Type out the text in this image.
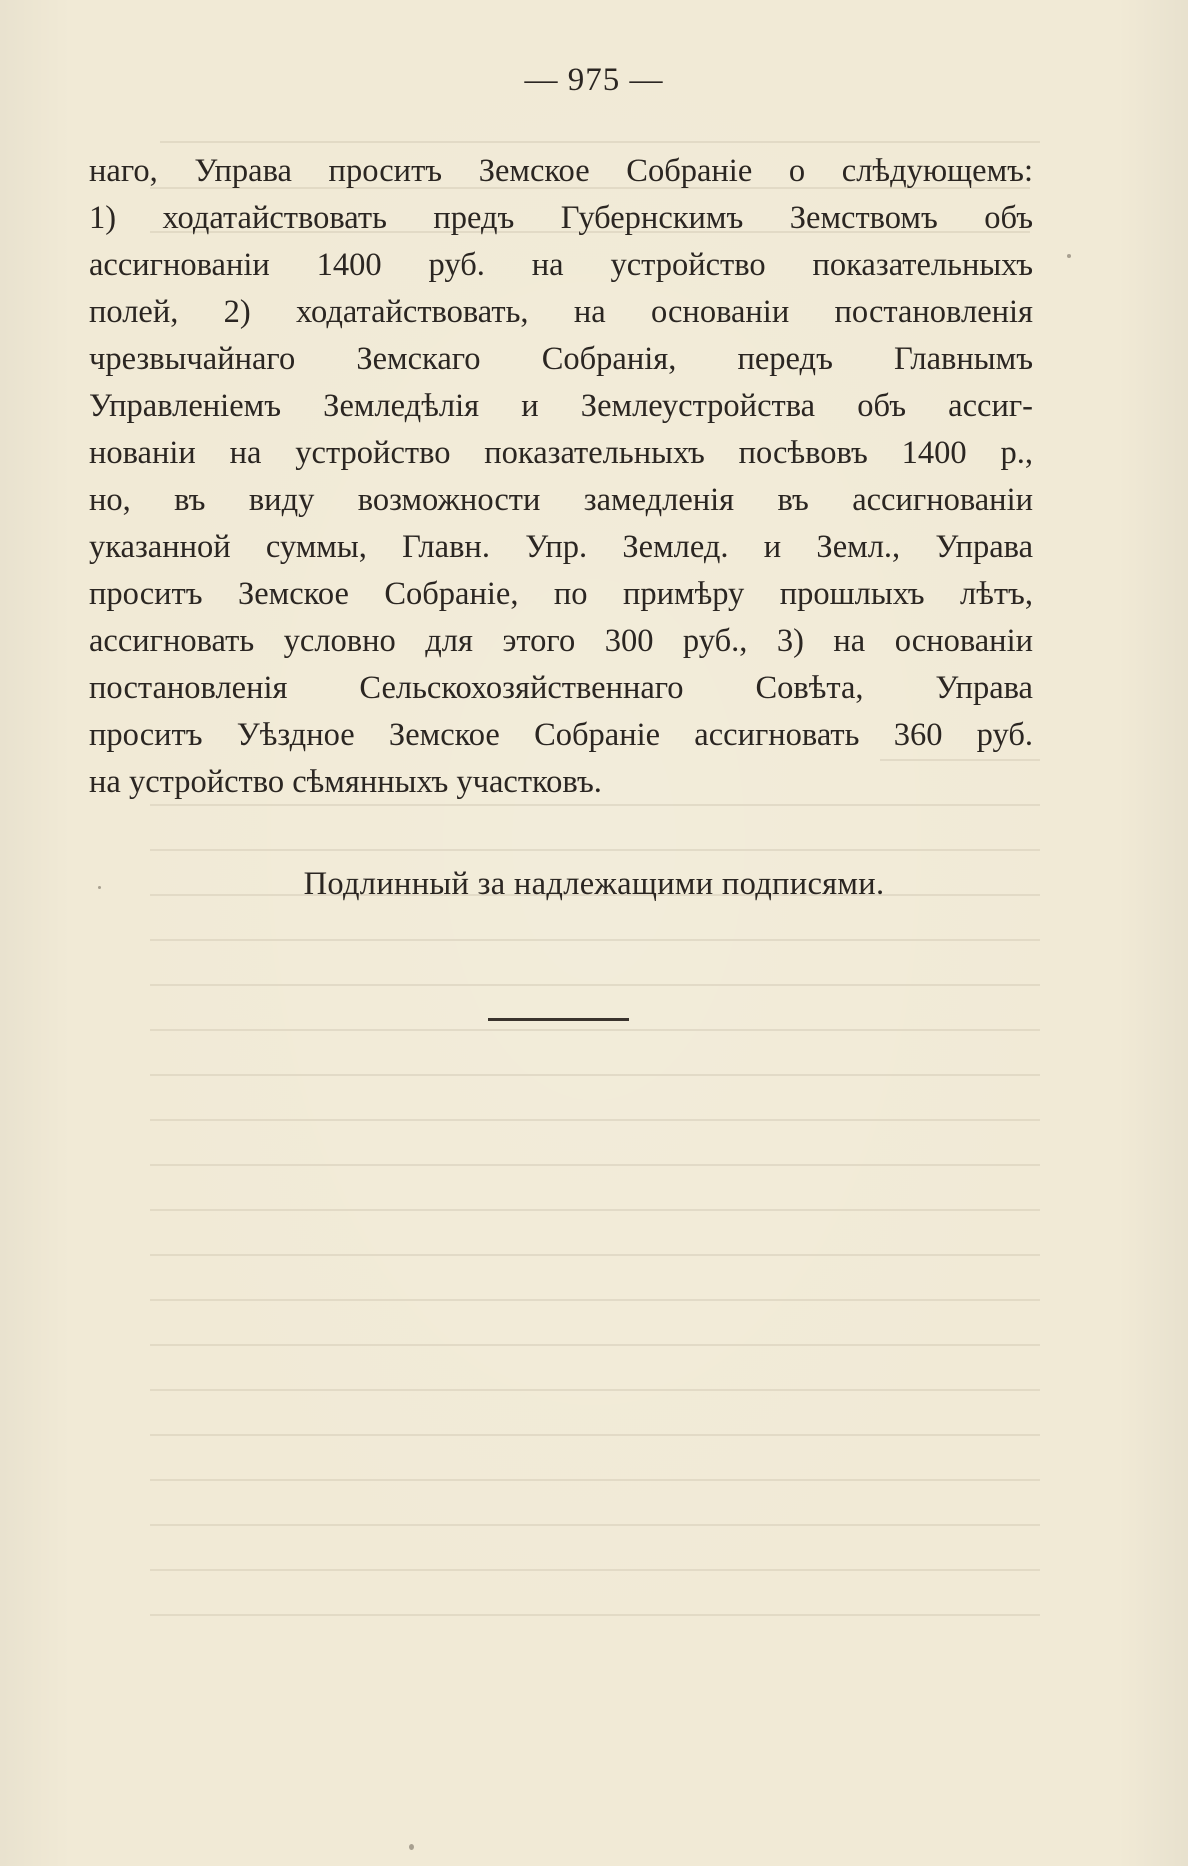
— 975 —
наго, Управа проситъ Земское Собраніе о слѣдующемъ:
1) ходатайствовать предъ Губернскимъ Земствомъ объ
ассигнованіи 1400 руб. на устройство показательныхъ
полей, 2) ходатайствовать, на основаніи постановленія
чрезвычайнаго Земскаго Собранія, передъ Главнымъ
Управленіемъ Земледѣлія и Землеустройства объ ассиг-
нованіи на устройство показательныхъ посѣвовъ 1400 р.,
но, въ виду возможности замедленія въ ассигнованіи
указанной суммы, Главн. Упр. Землед. и Земл., Управа
проситъ Земское Собраніе, по примѣру прошлыхъ лѣтъ,
ассигновать условно для этого 300 руб., 3) на основаніи
постановленія Сельскохозяйственнаго Совѣта, Управа
проситъ Уѣздное Земское Собраніе ассигновать 360 руб.
на устройство сѣмянныхъ участковъ.
Подлинный за надлежащими подписями.
